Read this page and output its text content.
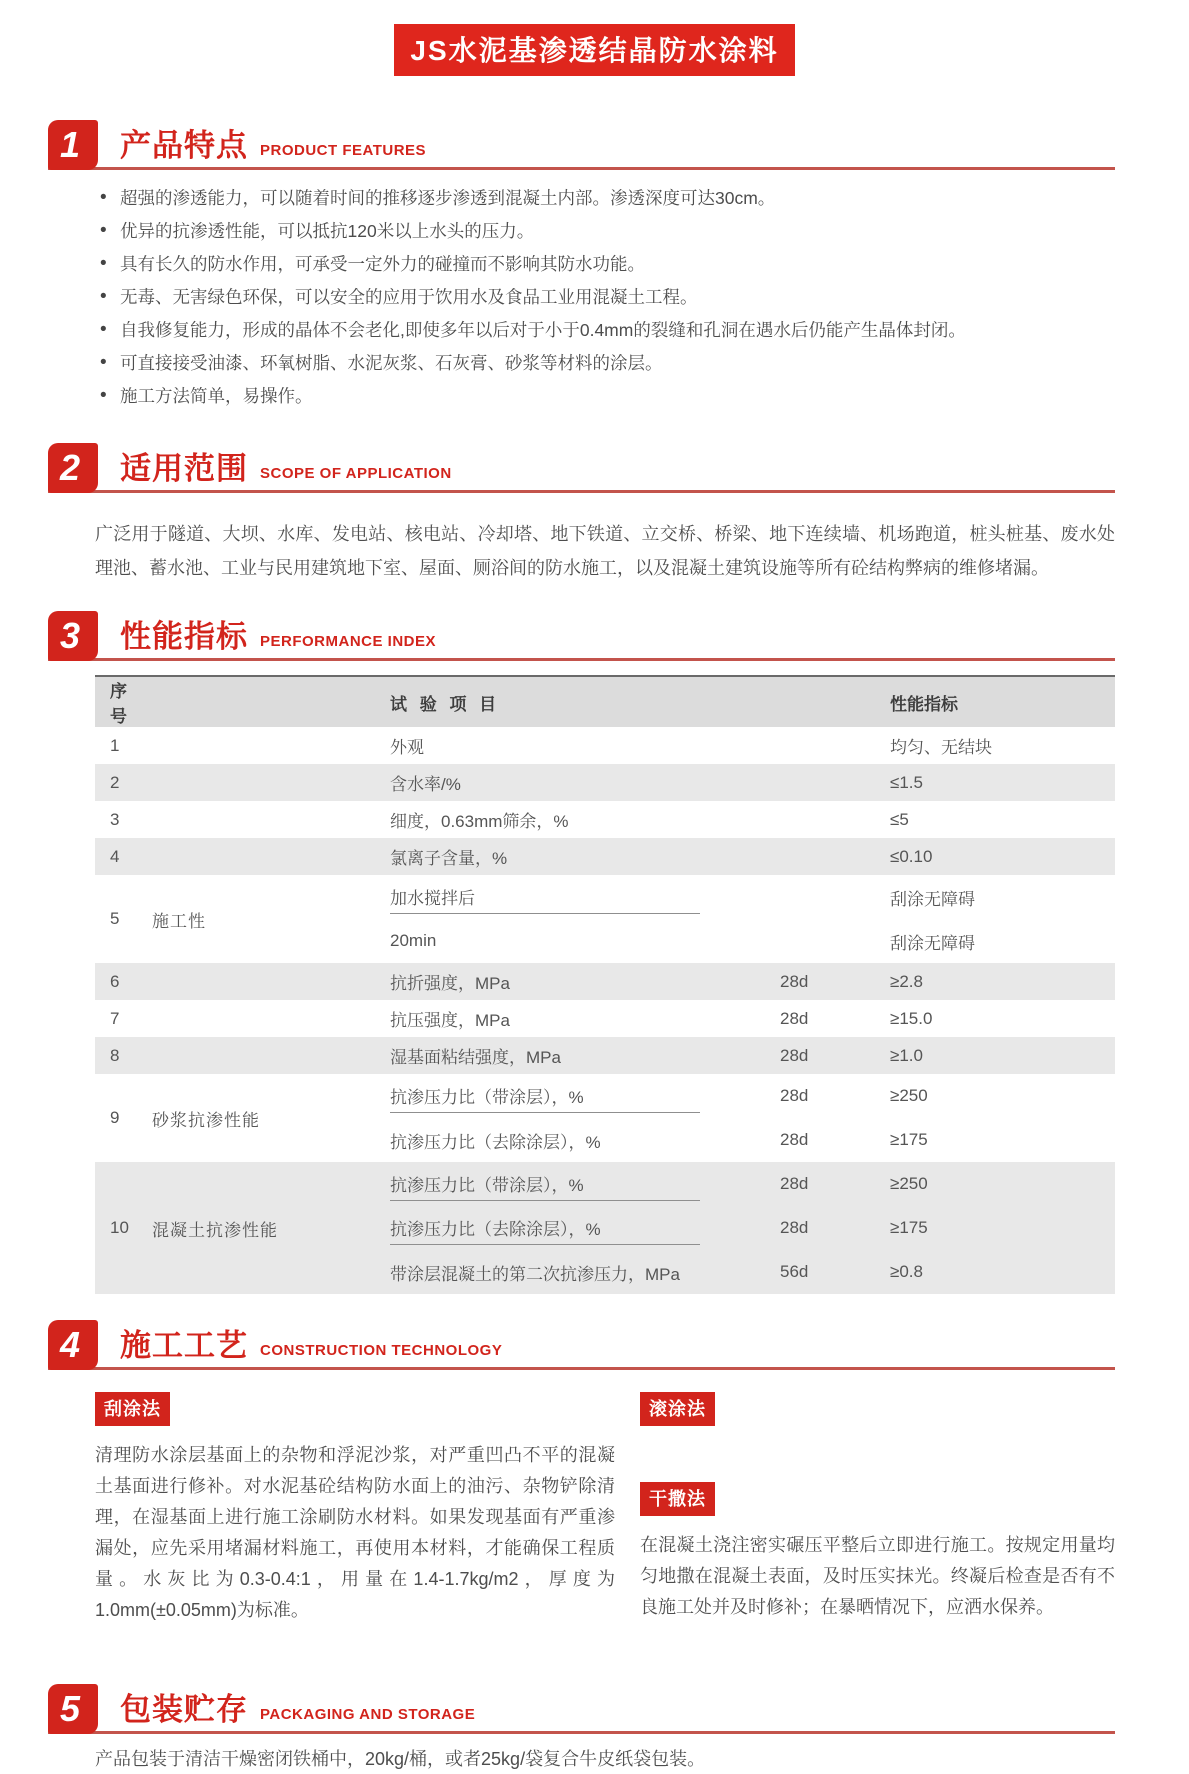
JS水泥基渗透结晶防水涂料
1	产品特点 PRODUCT FEATURES
• 超强的渗透能力，可以随着时间的推移逐步渗透到混凝土内部。渗透深度可达30cm。
• 优异的抗渗透性能，可以抵抗120米以上水头的压力。
• 具有长久的防水作用，可承受一定外力的碰撞而不影响其防水功能。
• 无毒、无害绿色环保，可以安全的应用于饮用水及食品工业用混凝土工程。
• 自我修复能力，形成的晶体不会老化,即使多年以后对于小于0.4mm的裂缝和孔洞在遇水后仍能产生晶体封闭。
• 可直接接受油漆、环氧树脂、水泥灰浆、石灰膏、砂浆等材料的涂层。
• 施工方法简单，易操作。
2	适用范围 SCOPE OF APPLICATION

广泛用于隧道、大坝、水库、发电站、核电站、冷却塔、地下铁道、立交桥、桥梁、地下连续墙、机场跑道，桩头桩基、废水处理池、蓄水池、工业与民用建筑地下室、屋面、厕浴间的防水施工，以及混凝土建筑设施等所有砼结构弊病的维修堵漏。

3	性能指标 PERFORMANCE INDEX
序号
试 验 项 目	性能指标
1	外观	均匀、无结块
2	含水率/%	≤1.5
3	细度，0.63mm筛余，%	≤5
4	氯离子含量，%	≤0.10
5	施工性
加水搅拌后	刮涂无障碍
20min	刮涂无障碍
6	抗折强度，MPa	28d	≥2.8
7	抗压强度，MPa	28d	≥15.0
8	湿基面粘结强度，MPa	28d	≥1.0
9	砂浆抗渗性能
抗渗压力比（带涂层），%	28d	≥250
抗渗压力比（去除涂层），%	28d	≥175
10	混凝土抗渗性能
抗渗压力比（带涂层），%	28d	≥250
抗渗压力比（去除涂层），%	28d	≥175
带涂层混凝土的第二次抗渗压力，MPa	56d	≥0.8
4	施工工艺 CONSTRUCTION TECHNOLOGY
刮涂法

清理防水涂层基面上的杂物和浮泥沙浆，对严重凹凸不平的混凝土基面进行修补。对水泥基砼结构防水面上的油污、杂物铲除清理，在湿基面上进行施工涂刷防水材料。如果发现基面有严重渗漏处，应先采用堵漏材料施工，再使用本材料，才能确保工程质量。水灰比为0.3-0.4:1，用量在1.4-1.7kg/m2，厚度为1.0mm(±0.05mm)为标准。

滚涂法
干撒法

在混凝土浇注密实碾压平整后立即进行施工。按规定用量均匀地撒在混凝土表面，及时压实抹光。终凝后检查是否有不良施工处并及时修补；在暴晒情况下，应洒水保养。

5	包装贮存 PACKAGING AND STORAGE

产品包装于清洁干燥密闭铁桶中，20kg/桶，或者25kg/袋复合牛皮纸袋包装。
